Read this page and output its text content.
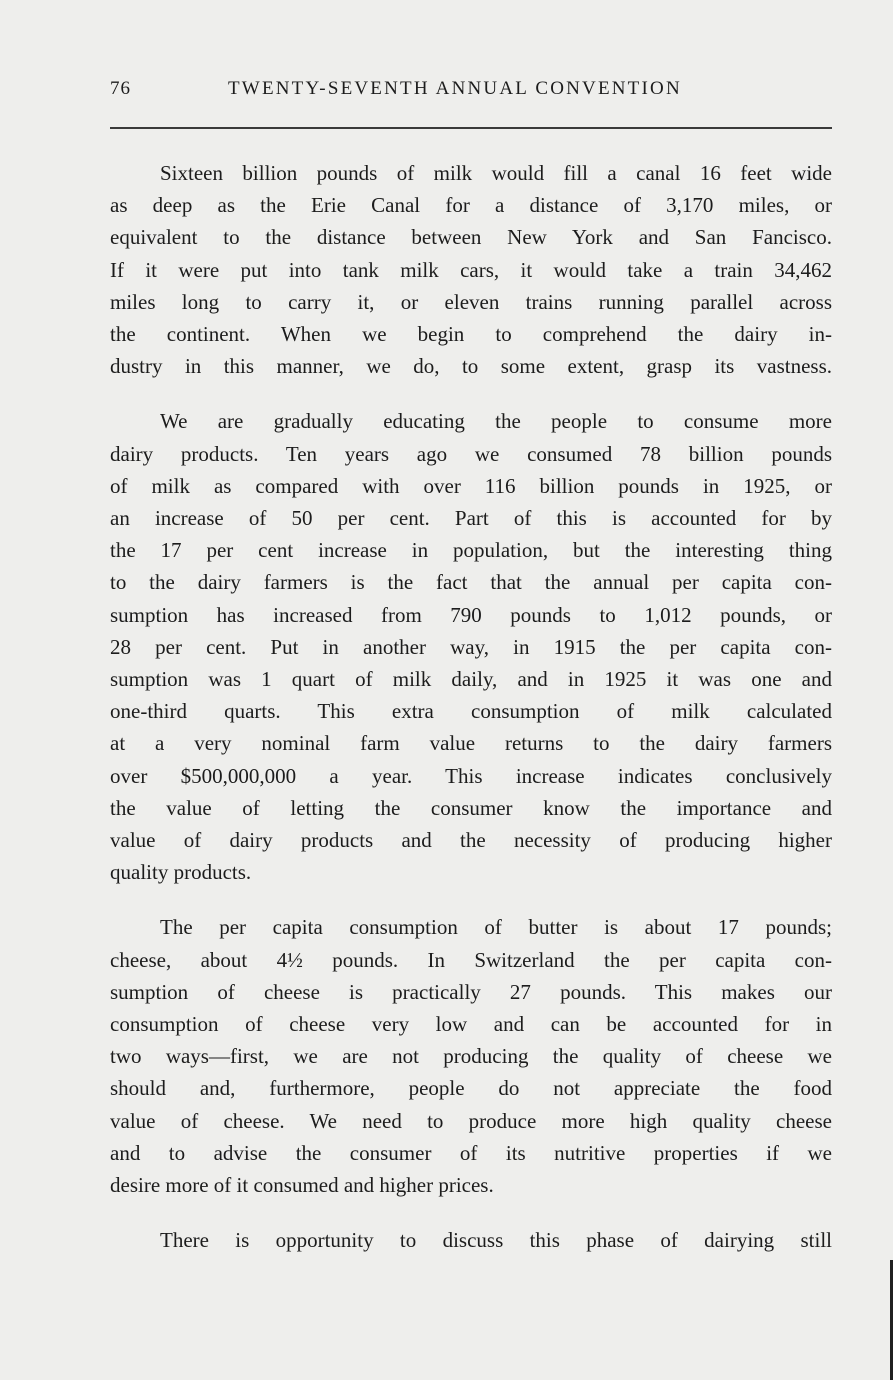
76	TWENTY-SEVENTH ANNUAL CONVENTION

Sixteen billion pounds of milk would fill a canal 16 feet wide
as deep as the Erie Canal for a distance of 3,170 miles, or
equivalent to the distance between New York and San Fancisco.
If it were put into tank milk cars, it would take a train 34,462
miles long to carry it, or eleven trains running parallel across
the continent. When we begin to comprehend the dairy in-
dustry in this manner, we do, to some extent, grasp its vastness.

We are gradually educating the people to consume more
dairy products. Ten years ago we consumed 78 billion pounds
of milk as compared with over 116 billion pounds in 1925, or
an increase of 50 per cent. Part of this is accounted for by
the 17 per cent increase in population, but the interesting thing
to the dairy farmers is the fact that the annual per capita con-
sumption has increased from 790 pounds to 1,012 pounds, or
28 per cent. Put in another way, in 1915 the per capita con-
sumption was 1 quart of milk daily, and in 1925 it was one and
one-third quarts. This extra consumption of milk calculated
at a very nominal farm value returns to the dairy farmers
over $500,000,000 a year. This increase indicates conclusively
the value of letting the consumer know the importance and
value of dairy products and the necessity of producing higher
quality products.

The per capita consumption of butter is about 17 pounds;
cheese, about 4½ pounds. In Switzerland the per capita con-
sumption of cheese is practically 27 pounds. This makes our
consumption of cheese very low and can be accounted for in
two ways—first, we are not producing the quality of cheese we
should and, furthermore, people do not appreciate the food
value of cheese. We need to produce more high quality cheese
and to advise the consumer of its nutritive properties if we
desire more of it consumed and higher prices.

There is opportunity to discuss this phase of dairying still
